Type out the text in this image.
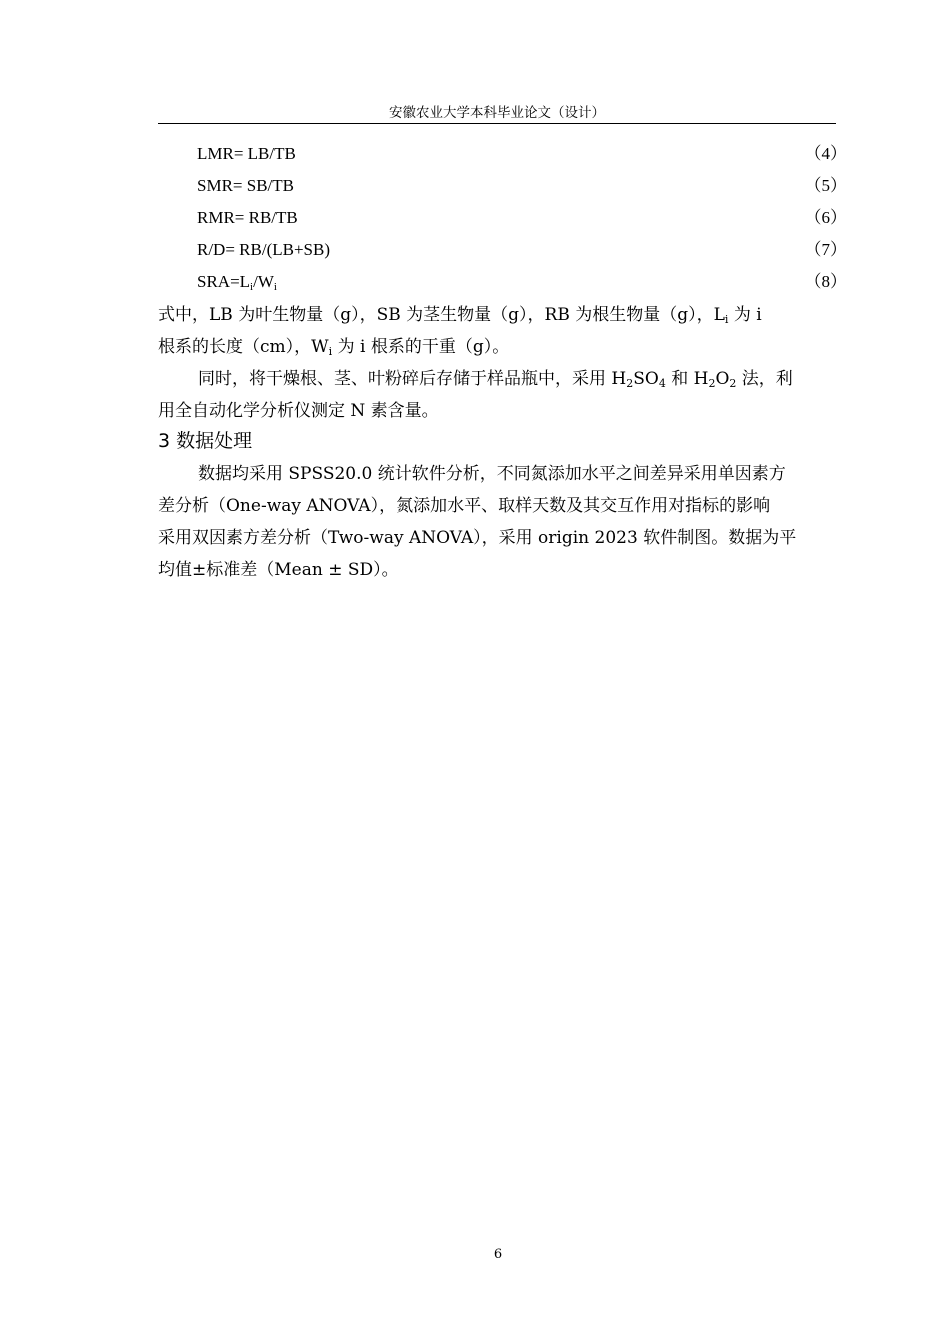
安徽农业大学本科毕业论文（设计）
LMR= LB/TB	（4）
SMR= SB/TB	（5）
RMR= RB/TB	（6）
R/D= RB/(LB+SB)	（7）
$SRA=L_i/W_i$	（8）
式中，LB 为叶生物量（g），SB 为茎生物量（g），RB 为根生物量（g），$L_i$ 为 i
根系的长度（cm），$W_i$ 为 i 根系的干重（g）。
同时，将干燥根、茎、叶粉碎后存储于样品瓶中，采用 $H_2SO_4$ 和 $H_2O_2$ 法，利
用全自动化学分析仪测定 N 素含量。
3 数据处理
数据均采用 SPSS20.0 统计软件分析，不同氮添加水平之间差异采用单因素方
差分析（One-way ANOVA），氮添加水平、取样天数及其交互作用对指标的影响
采用双因素方差分析（Two-way ANOVA），采用 origin 2023 软件制图。数据为平
均值±标准差（Mean ± SD）。
6
